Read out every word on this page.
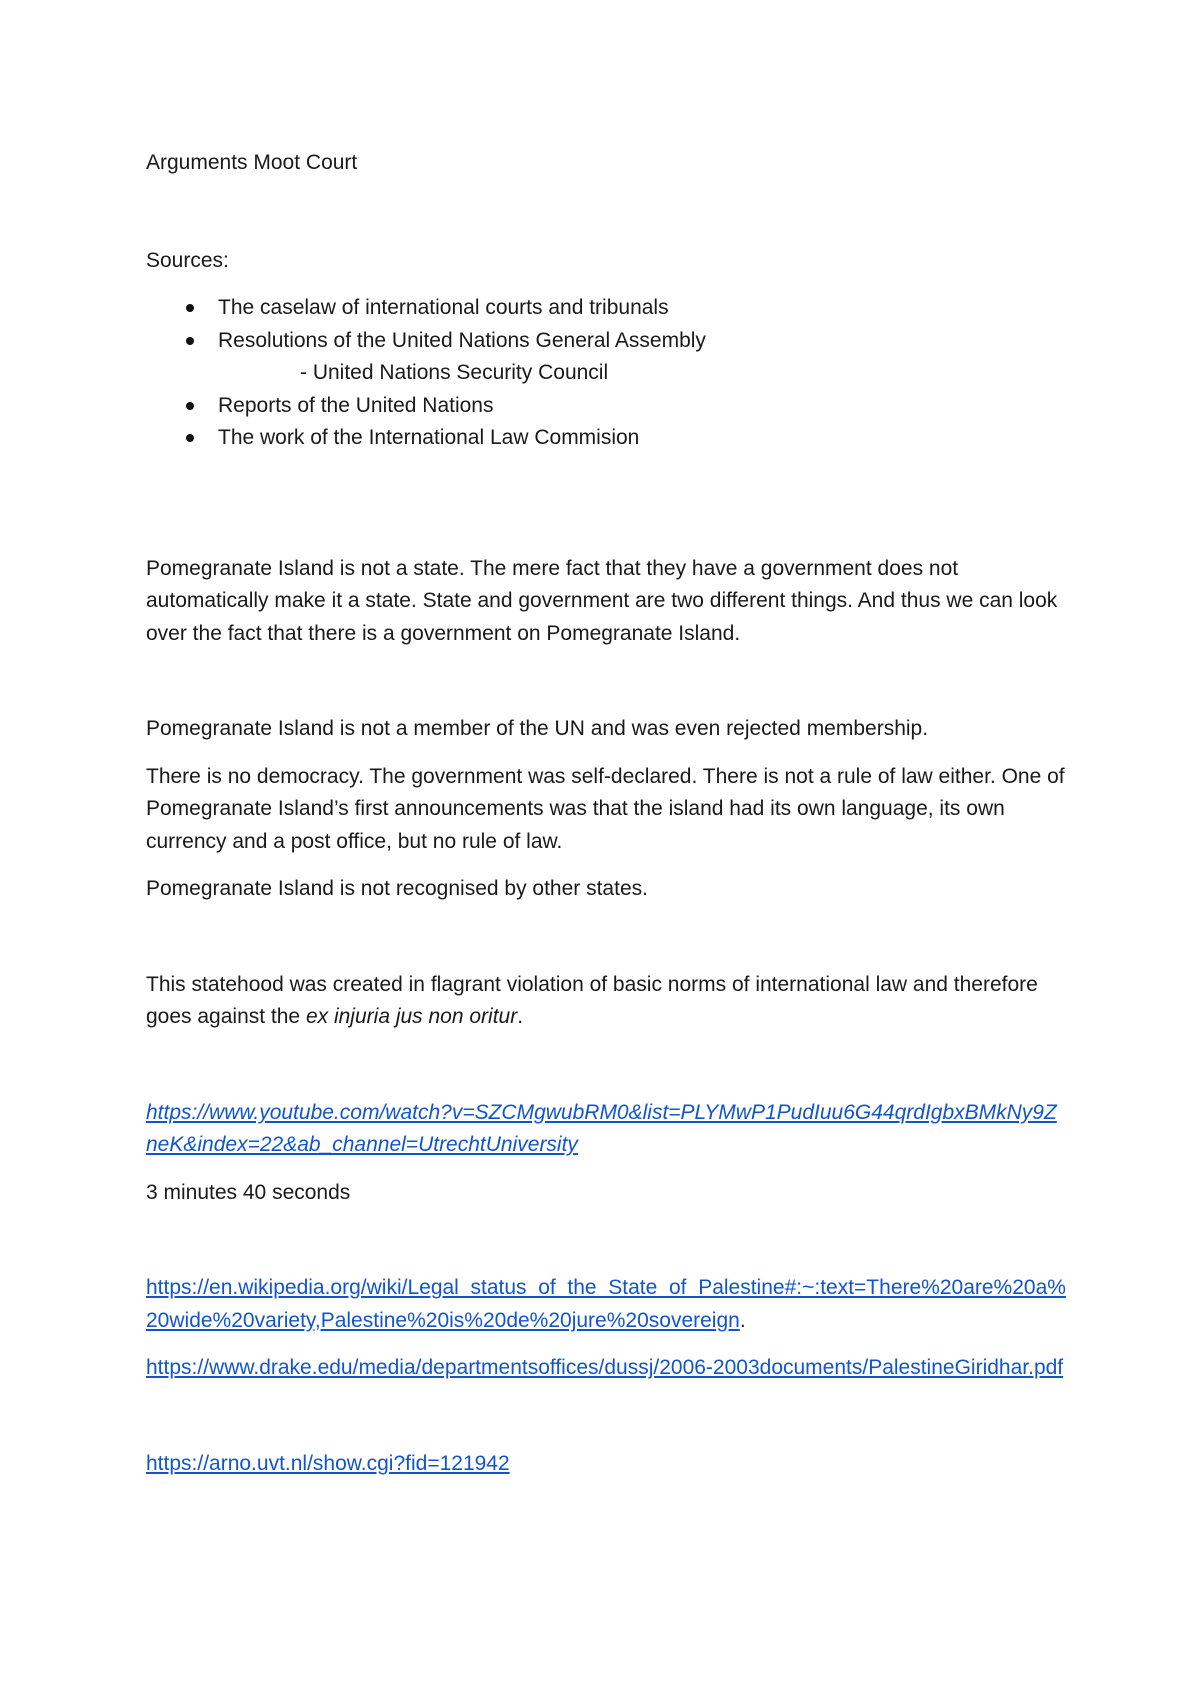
Arguments Moot Court

Sources:

The caselaw of international courts and tribunals
Resolutions of the United Nations General Assembly
- United Nations Security Council
Reports of the United Nations
The work of the International Law Commision

Pomegranate Island is not a state. The mere fact that they have a government does not automatically make it a state. State and government are two different things. And thus we can look over the fact that there is a government on Pomegranate Island.

Pomegranate Island is not a member of the UN and was even rejected membership.

There is no democracy. The government was self-declared. There is not a rule of law either. One of Pomegranate Island’s first announcements was that the island had its own language, its own currency and a post office, but no rule of law.

Pomegranate Island is not recognised by other states.

This statehood was created in flagrant violation of basic norms of international law and therefore goes against the ex injuria jus non oritur.

https://www.youtube.com/watch?v=SZCMgwubRM0&list=PLYMwP1PudIuu6G44qrdIgbxBMkNy9ZneK&index=22&ab_channel=UtrechtUniversity

3 minutes 40 seconds

https://en.wikipedia.org/wiki/Legal_status_of_the_State_of_Palestine#:~:text=There%20are%20a%20wide%20variety,Palestine%20is%20de%20jure%20sovereign.

https://www.drake.edu/media/departmentsoffices/dussj/2006-2003documents/PalestineGiridhar.pdf

https://arno.uvt.nl/show.cgi?fid=121942
